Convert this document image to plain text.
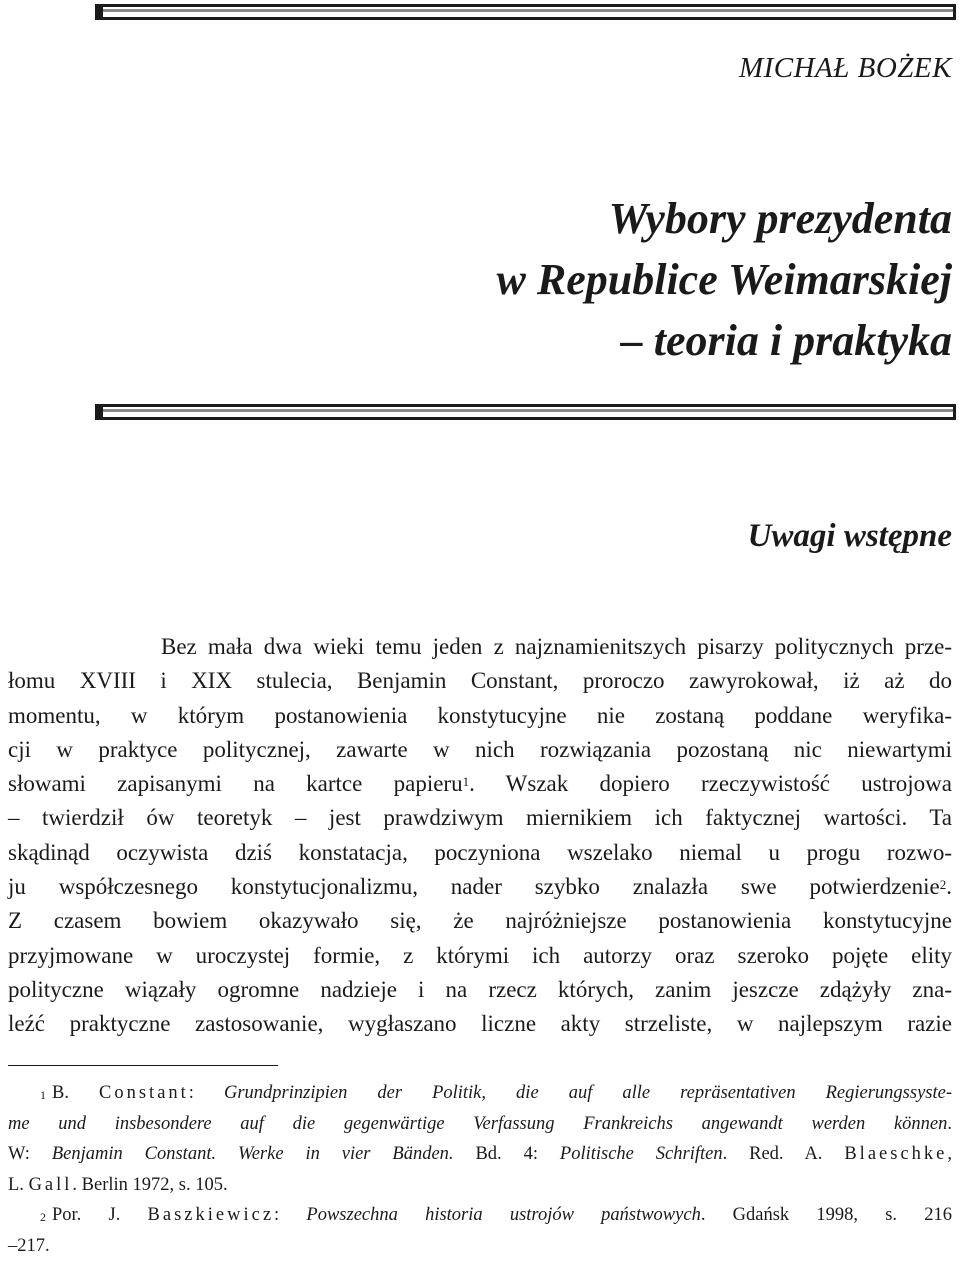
MICHAŁ BOŻEK
Wybory prezydenta
w Republice Weimarskiej
– teoria i praktyka
Uwagi wstępne
Bez mała dwa wieki temu jeden z najznamienitszych pisarzy politycznych prze-
łomu XVIII i XIX stulecia, Benjamin Constant, proroczo zawyrokował, iż aż do
momentu, w którym postanowienia konstytucyjne nie zostaną poddane weryfika-
cji w praktyce politycznej, zawarte w nich rozwiązania pozostaną nic niewartymi
słowami zapisanymi na kartce papieru$^1$. Wszak dopiero rzeczywistość ustrojowa
– twierdził ów teoretyk – jest prawdziwym miernikiem ich faktycznej wartości. Ta
skądinąd oczywista dziś konstatacja, poczyniona wszelako niemal u progu rozwo-
ju współczesnego konstytucjonalizmu, nader szybko znalazła swe potwierdzenie$^2$.
Z czasem bowiem okazywało się, że najróżniejsze postanowienia konstytucyjne
przyjmowane w uroczystej formie, z którymi ich autorzy oraz szeroko pojęte elity
polityczne wiązały ogromne nadzieje i na rzecz których, zanim jeszcze zdążyły zna-
leźć praktyczne zastosowanie, wygłaszano liczne akty strzeliste, w najlepszym razie
$^1$ B. Constant: Grundprinzipien der Politik, die auf alle repräsentativen Regierungssyste-
me und insbesondere auf die gegenwärtige Verfassung Frankreichs angewandt werden können.
W: Benjamin Constant. Werke in vier Bänden. Bd. 4: Politische Schriften. Red. A. Blaeschke,
L. Gall. Berlin 1972, s. 105.
$^2$ Por. J. Baszkiewicz: Powszechna historia ustrojów państwowych. Gdańsk 1998, s. 216
–217.
